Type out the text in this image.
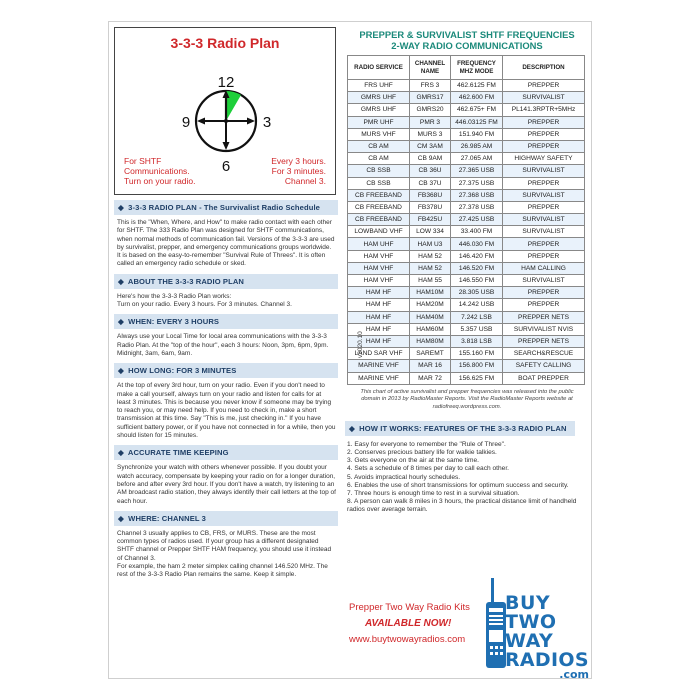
3-3-3 Radio Plan
12
3
6
9
For SHTF
Communications.
Turn on your radio.
Every 3 hours.
For 3 minutes.
Channel 3.
◆ 3-3-3 RADIO PLAN - The Survivalist Radio Schedule

This is the "When, Where, and How" to make radio contact with each other for SHTF. The 333 Radio Plan was designed for SHTF communications, when normal methods of communication fail. Versions of the 3-3-3 are used by survivalist, prepper, and emergency communications groups worldwide. It is based on the easy-to-remember "Survival Rule of Threes". It is often called an emergency radio schedule or sked.

◆ ABOUT THE 3-3-3 RADIO PLAN

Here's how the 3-3-3 Radio Plan works:

Turn on your radio. Every 3 hours. For 3 minutes. Channel 3.

◆ WHEN: EVERY 3 HOURS

Always use your Local Time for local area communications with the 3-3-3 Radio Plan. At the "top of the hour", each 3 hours: Noon, 3pm, 6pm, 9pm. Midnight, 3am, 6am, 9am.

◆ HOW LONG: FOR 3 MINUTES

At the top of every 3rd hour, turn on your radio. Even if you don't need to make a call yourself, always turn on your radio and listen for calls for at least 3 minutes. This is because you never know if someone may be trying to reach you, or may need help. If you need to check in, make a short transmission at this time. Say "This is me, just checking in." If you have sufficient battery power, or if you have not connected in for a while, then you should listen for 15 minutes.

◆ ACCURATE TIME KEEPING

Synchronize your watch with others whenever possible. If you doubt your watch accuracy, compensate by keeping your radio on for a longer duration, before and after every 3rd hour. If you don't have a watch, try listening to an AM broadcast radio station, they always identify their call letters at the top of each hour.

◆ WHERE: CHANNEL 3

Channel 3 usually applies to CB, FRS, or MURS. These are the most common types of radios used. If your group has a different designated SHTF channel or Prepper SHTF HAM frequency, you should use it instead of Channel 3.

For example, the ham 2 meter simplex calling channel 146.520 MHz. The rest of the 3-3-3 Radio Plan remains the same. Keep it simple.

PREPPER & SURVIVALIST SHTF FREQUENCIES
2-WAY RADIO COMMUNICATIONS
RADIO SERVICE	CHANNEL NAME	FREQUENCY MHZ MODE	DESCRIPTION
FRS UHF	FRS 3	462.6125 FM	PREPPER
GMRS UHF	GMRS17	462.600 FM	SURVIVALIST
GMRS UHF	GMRS20	462.675+ FM	PL141.3RPTR+5MHz
PMR UHF	PMR 3	446.03125 FM	PREPPER
MURS VHF	MURS 3	151.940 FM	PREPPER
CB AM	CM 3AM	26.985 AM	PREPPER
CB AM	CB 9AM	27.065 AM	HIGHWAY SAFETY
CB SSB	CB 36U	27.365 USB	SURVIVALIST
CB SSB	CB 37U	27.375 USB	PREPPER
CB FREEBAND	FB368U	27.368 USB	SURVIVALIST
CB FREEBAND	FB378U	27.378 USB	PREPPER
CB FREEBAND	FB425U	27.425 USB	SURVIVALIST
LOWBAND VHF	LOW 334	33.400 FM	SURVIVALIST
HAM UHF	HAM U3	446.030 FM	PREPPER
HAM VHF	HAM 52	146.420 FM	PREPPER
HAM VHF	HAM 52	146.520 FM	HAM CALLING
HAM VHF	HAM 55	146.550 FM	SURVIVALIST
HAM HF	HAM10M	28.305 USB	PREPPER
HAM HF	HAM20M	14.242 USB	PREPPER
HAM HF	HAM40M	7.242 LSB	PREPPER NETS
HAM HF	HAM60M	5.357 USB	SURVIVALIST NVIS
HAM HF	HAM80M	3.818 LSB	PREPPER NETS
LAND SAR VHF	SAREMT	155.160 FM	SEARCH&RESCUE
MARINE VHF	MAR 16	156.800 FM	SAFETY CALLING
MARINE VHF	MAR 72	156.625 FM	BOAT PREPPER
This chart of active survivalist and prepper frequencies was released into the public domain in 2013 by RadioMaster Reports. Visit the RadioMaster Reports website at radiofreeq.wordpress.com.
◆ HOW IT WORKS: FEATURES OF THE 3-3-3 RADIO PLAN
1. Easy for everyone to remember the "Rule of Three".
2. Conserves precious battery life for walkie talkies.
3. Gets everyone on the air at the same time.
4. Sets a schedule of 8 times per day to call each other.
5. Avoids impractical hourly schedules.
6. Enables the use of short transmissions for optimum success and security.
7. Three hours is enough time to rest in a survival situation.
8. A person can walk 8 miles in 3 hours, the practical distance limit of handheld radios over average terrain.
v2020.10
Prepper Two Way Radio Kits
AVAILABLE NOW!
www.buytwowayradios.com
BUY
TWO WAY
RADIOS
.com
